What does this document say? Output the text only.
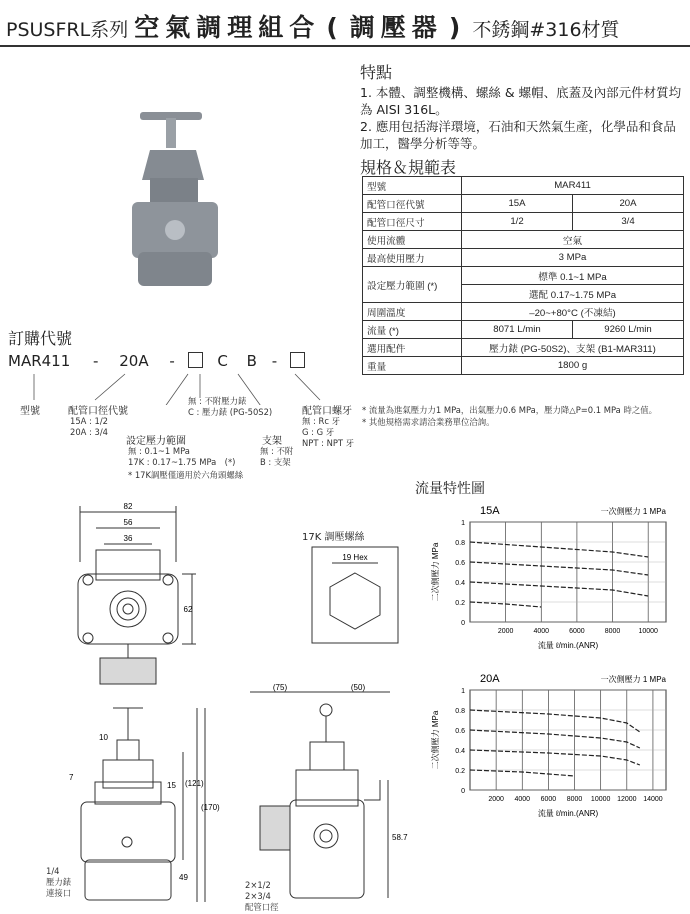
PSUSFRL系列 空氣調理組合 ( 調壓器 ) 不銹鋼#316材質
特點
1. 本體、調整機構、螺絲 & 螺帽、底蓋及內部元件材質均為 AISI 316L。
2. 應用包括海洋環境，石油和天然氣生產，化學品和食品加工，醫學分析等等。
規格＆規範表
型號	MAR411	
配管口徑代號	15A	20A
配管口徑尺寸	1/2	3/4
使用流體	空氣	
最高使用壓力	3 MPa	
設定壓力範圍 (*)	標準 0.1~1 MPa	
	選配 0.17~1.75 MPa	
周圍溫度	–20~+80°C (不凍結)	
流量 (*)	8071 L/min	9260 L/min
選用配件	壓力錶 (PG-50S2)、支架 (B1-MAR311)	
重量	1800 g	
* 流量為進氣壓力力1 MPa，出氣壓力0.6 MPa，壓力降△P=0.1 MPa 時之值。
* 其他規格需求請洽業務單位洽詢。
訂購代號
MAR411 - 20A -	C B -
型號	配管口徑代號
15A : 1/2
20A : 3/4
無 : 不附壓力錶
C : 壓力錶 (PG-50S2)
設定壓力範圍
無 : 0.1~1 MPa
17K : 0.17~1.75 MPa　(*)
支架
無 : 不附
B : 支架
配管口螺牙
無 : Rc 牙
G : G 牙
NPT : NPT 牙
* 17K調壓僅適用於六角頭螺絲
82
56
36
62
17K 調壓螺絲
19 Hex
10
7
15 (121)
(170)
49
1/4
壓力錶
連接口
(75)	(50)
58.7
2×1/2
2×3/4
配管口徑
流量特性圖
15A	一次側壓力 1 MPa
2000	4000	6000	8000	10000
0
0.2
0.4
0.6
0.8
1
流量 ℓ/min.(ANR)
二次側壓力 MPa
20A	一次側壓力 1 MPa
2000 4000 6000 8000 10000 12000 14000
0
0.2
0.4
0.6
0.8
1
流量 ℓ/min.(ANR)
二次側壓力 MPa
